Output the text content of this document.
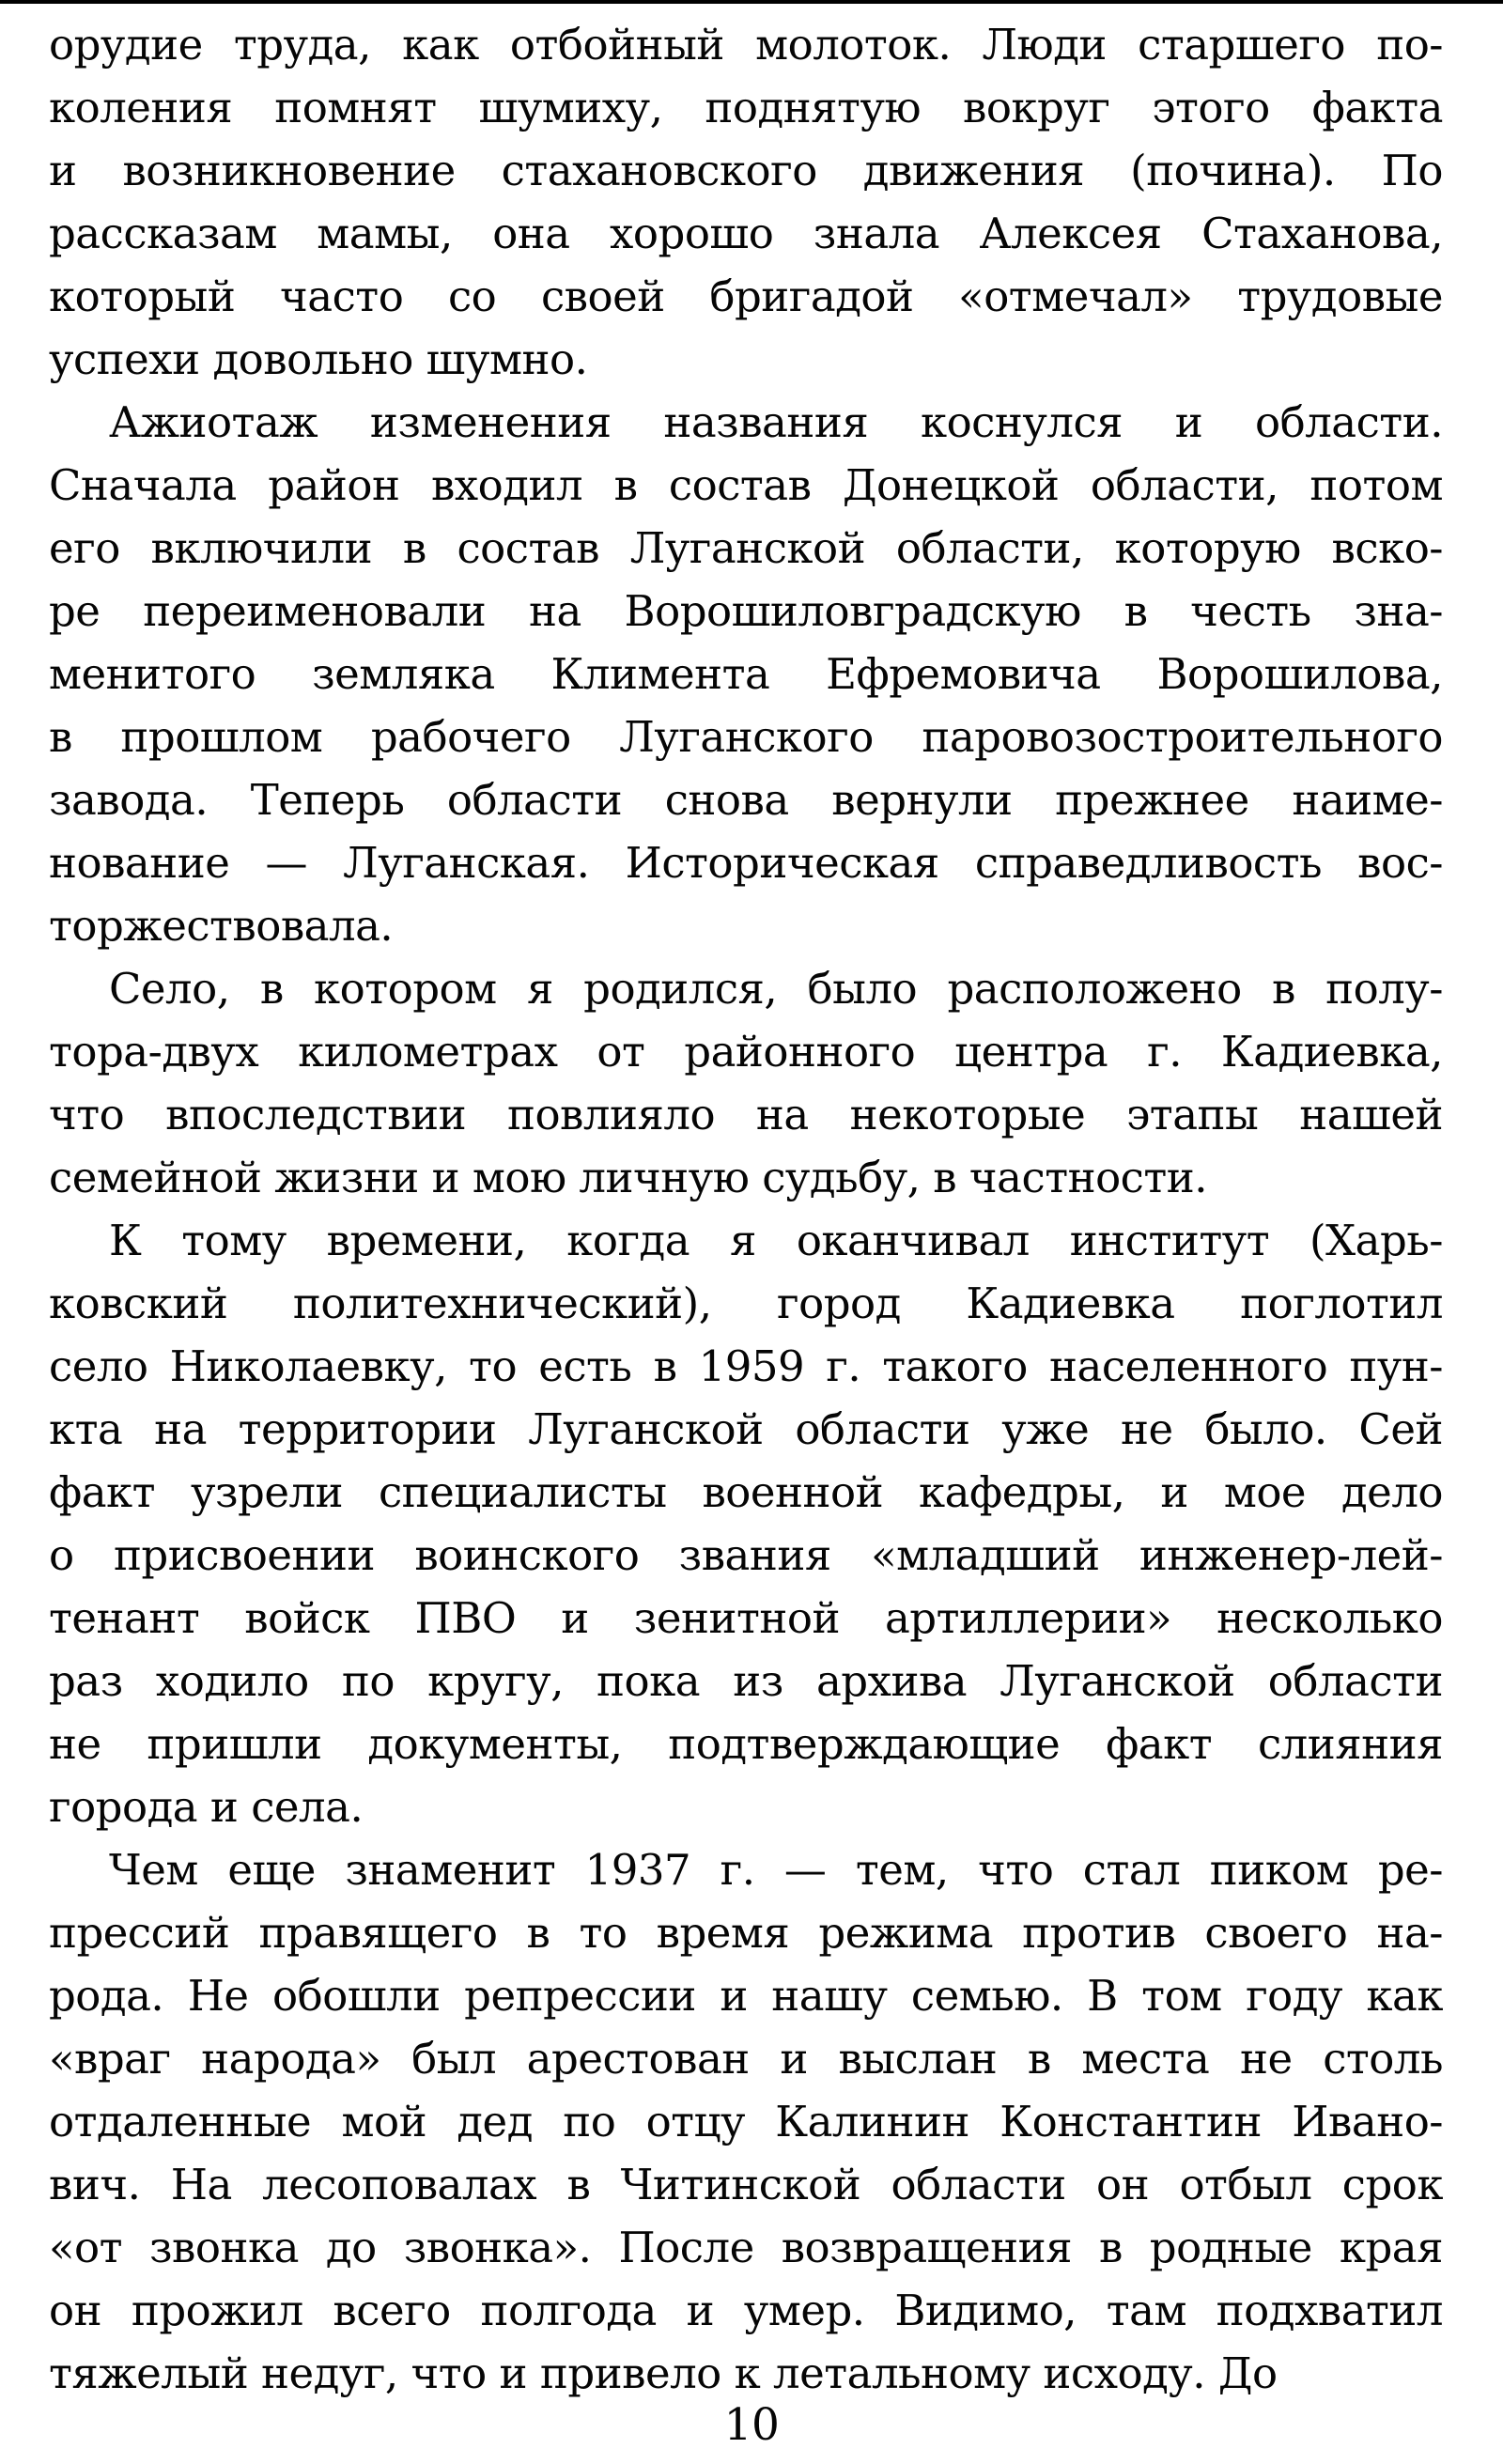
орудие труда, как отбойный молоток. Люди старшего по-
коления помнят шумиху, поднятую вокруг этого факта
и возникновение стахановского движения (почина). По
рассказам мамы, она хорошо знала Алексея Стаханова,
который часто со своей бригадой «отмечал» трудовые
успехи довольно шумно.
Ажиотаж изменения названия коснулся и области.
Сначала район входил в состав Донецкой области, потом
его включили в состав Луганской области, которую вско-
ре переименовали на Ворошиловградскую в честь зна-
менитого земляка Климента Ефремовича Ворошилова,
в прошлом рабочего Луганского паровозостроительного
завода. Теперь области снова вернули прежнее наиме-
нование — Луганская. Историческая справедливость вос-
торжествовала.
Село, в котором я родился, было расположено в полу-
тора-двух километрах от районного центра г. Кадиевка,
что впоследствии повлияло на некоторые этапы нашей
семейной жизни и мою личную судьбу, в частности.
К тому времени, когда я оканчивал институт (Харь-
ковский политехнический), город Кадиевка поглотил
село Николаевку, то есть в 1959 г. такого населенного пун-
кта на территории Луганской области уже не было. Сей
факт узрели специалисты военной кафедры, и мое дело
о присвоении воинского звания «младший инженер-лей-
тенант войск ПВО и зенитной артиллерии» несколько
раз ходило по кругу, пока из архива Луганской области
не пришли документы, подтверждающие факт слияния
города и села.
Чем еще знаменит 1937 г. — тем, что стал пиком ре-
прессий правящего в то время режима против своего на-
рода. Не обошли репрессии и нашу семью. В том году как
«враг народа» был арестован и выслан в места не столь
отдаленные мой дед по отцу Калинин Константин Ивано-
вич. На лесоповалах в Читинской области он отбыл срок
«от звонка до звонка». После возвращения в родные края
он прожил всего полгода и умер. Видимо, там подхватил
тяжелый недуг, что и привело к летальному исходу. До
10
